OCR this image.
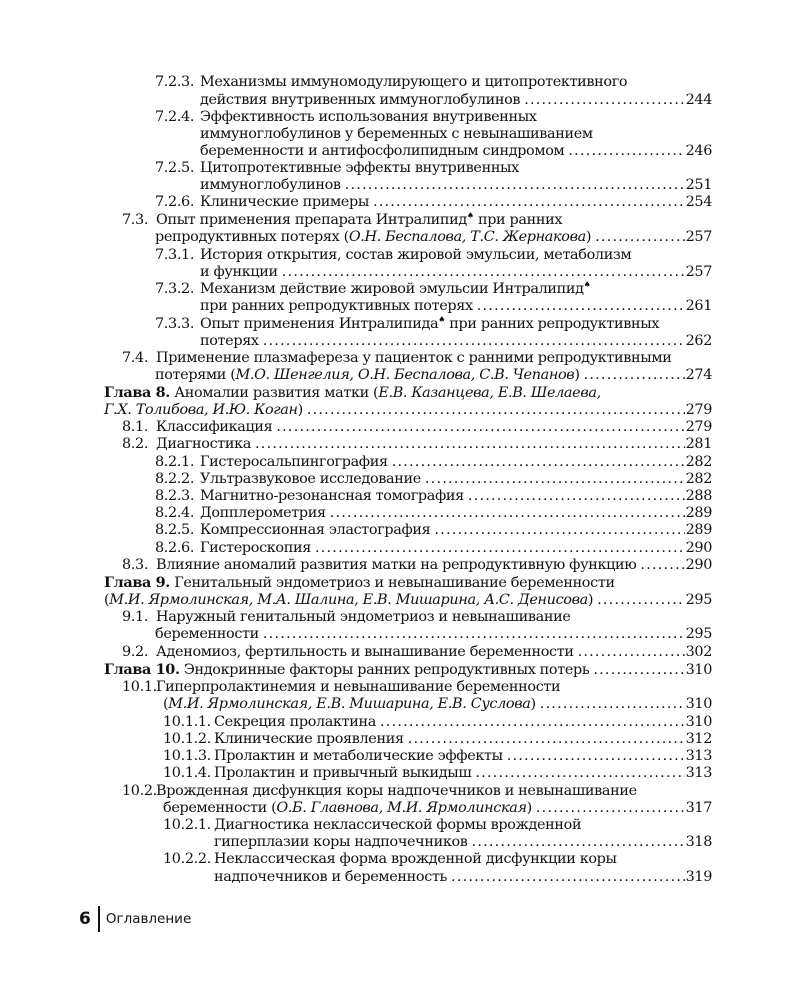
7.2.3. Механизмы иммуномодулирующего и цитопротективного
действия внутривенных иммуноглобулинов .....	244
7.2.4. Эффективность использования внутривенных
иммуноглобулинов у беременных с невынашиванием
беременности и антифосфолипидным синдромом .....	246
7.2.5. Цитопротективные эффекты внутривенных
иммуноглобулинов .....	251
7.2.6. Клинические примеры .....	254
7.3. Опыт применения препарата Интралипид♠ при ранних
репродуктивных потерях (О.Н. Беспалова, Т.С. Жернакова) .....	257
7.3.1. История открытия, состав жировой эмульсии, метаболизм
и функции .....	257
7.3.2. Механизм действие жировой эмульсии Интралипид♠
при ранних репродуктивных потерях .....	261
7.3.3. Опыт применения Интралипида♠ при ранних репродуктивных
потерях .....	262
7.4. Применение плазмафереза у пациенток с ранними репродуктивными
потерями (М.О. Шенгелия, О.Н. Беспалова, С.В. Чепанов) .....	274
Глава 8. Аномалии развития матки (Е.В. Казанцева, Е.В. Шелаева,
Г.Х. Толибова, И.Ю. Коган) .....	279
8.1. Классификация .....	279
8.2. Диагностика .....	281
8.2.1. Гистеросальпингография .....	282
8.2.2. Ультразвуковое исследование .....	282
8.2.3. Магнитно-резонансная томография .....	288
8.2.4. Допплерометрия .....	289
8.2.5. Компрессионная эластография .....	289
8.2.6. Гистероскопия .....	290
8.3. Влияние аномалий развития матки на репродуктивную функцию .....	290
Глава 9. Генитальный эндометриоз и невынашивание беременности
(М.И. Ярмолинская, М.А. Шалина, Е.В. Мишарина, А.С. Денисова) .....	295
9.1. Наружный генитальный эндометриоз и невынашивание
беременности .....	295
9.2. Аденомиоз, фертильность и вынашивание беременности .....	302
Глава 10. Эндокринные факторы ранних репродуктивных потерь .....	310
10.1. Гиперпролактинемия и невынашивание беременности
(М.И. Ярмолинская, Е.В. Мишарина, Е.В. Суслова) .....	310
10.1.1. Секреция пролактина .....	310
10.1.2. Клинические проявления .....	312
10.1.3. Пролактин и метаболические эффекты .....	313
10.1.4. Пролактин и привычный выкидыш .....	313
10.2. Врожденная дисфункция коры надпочечников и невынашивание
беременности (О.Б. Главнова, М.И. Ярмолинская) .....	317
10.2.1. Диагностика неклассической формы врожденной
гиперплазии коры надпочечников .....	318
10.2.2. Неклассическая форма врожденной дисфункции коры
надпочечников и беременность .....	319
6 Оглавление
